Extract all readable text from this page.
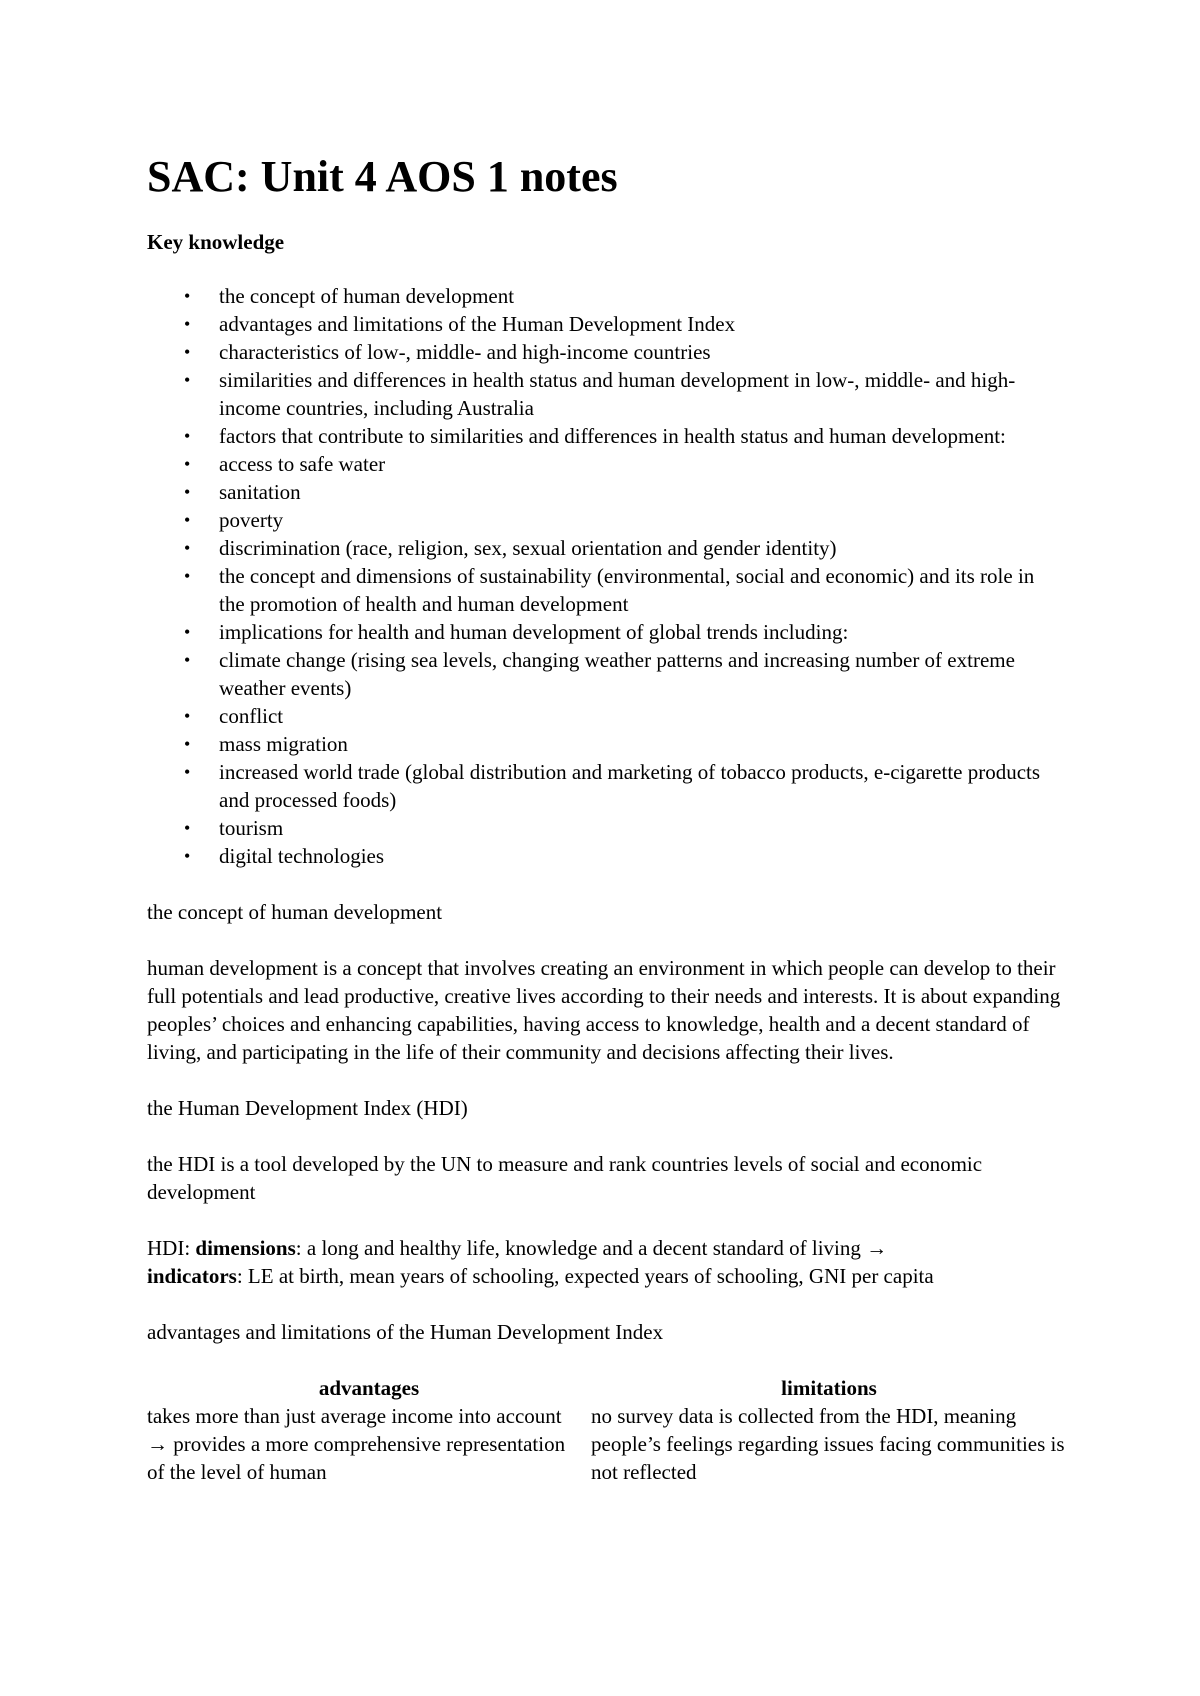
SAC: Unit 4 AOS 1 notes
Key knowledge
• the concept of human development
• advantages and limitations of the Human Development Index
• characteristics of low-, middle- and high-income countries
• similarities and differences in health status and human development in low-, middle- and high-income countries, including Australia
• factors that contribute to similarities and differences in health status and human development:
• access to safe water
• sanitation
• poverty
• discrimination (race, religion, sex, sexual orientation and gender identity)
• the concept and dimensions of sustainability (environmental, social and economic) and its role in the promotion of health and human development
• implications for health and human development of global trends including:
• climate change (rising sea levels, changing weather patterns and increasing number of extreme weather events)
• conflict
• mass migration
• increased world trade (global distribution and marketing of tobacco products, e-cigarette products and processed foods)
• tourism
• digital technologies

the concept of human development

human development is a concept that involves creating an environment in which people can develop to their full potentials and lead productive, creative lives according to their needs and interests. It is about expanding peoples’ choices and enhancing capabilities, having access to knowledge, health and a decent standard of living, and participating in the life of their community and decisions affecting their lives.

the Human Development Index (HDI)

the HDI is a tool developed by the UN to measure and rank countries levels of social and economic development

HDI: dimensions: a long and healthy life, knowledge and a decent standard of living →
indicators: LE at birth, mean years of schooling, expected years of schooling, GNI per capita

advantages and limitations of the Human Development Index

advantages	limitations
takes more than just average income into account → provides a more comprehensive representation of the level of human	no survey data is collected from the HDI, meaning people’s feelings regarding issues facing communities is not reflected
